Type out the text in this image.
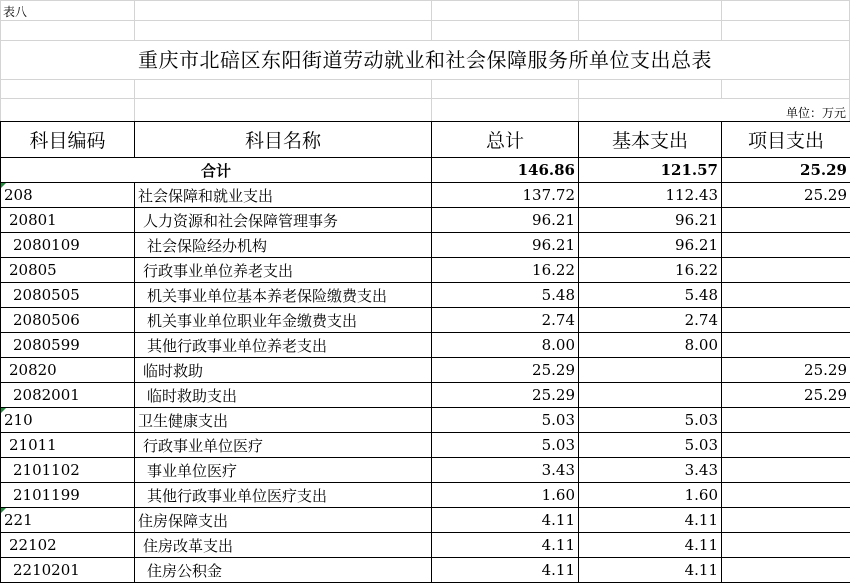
表八
重庆市北碚区东阳街道劳动就业和社会保障服务所单位支出总表
单位：万元
科目编码	科目名称	总计	基本支出	项目支出
合计		146.86	121.57	25.29
208	社会保障和就业支出	137.72	112.43	25.29
20801	人力资源和社会保障管理事务	96.21	96.21	
2080109	社会保险经办机构	96.21	96.21	
20805	行政事业单位养老支出	16.22	16.22	
2080505	机关事业单位基本养老保险缴费支出	5.48	5.48	
2080506	机关事业单位职业年金缴费支出	2.74	2.74	
2080599	其他行政事业单位养老支出	8.00	8.00	
20820	临时救助	25.29		25.29
2082001	临时救助支出	25.29		25.29
210	卫生健康支出	5.03	5.03	
21011	行政事业单位医疗	5.03	5.03	
2101102	事业单位医疗	3.43	3.43	
2101199	其他行政事业单位医疗支出	1.60	1.60	
221	住房保障支出	4.11	4.11	
22102	住房改革支出	4.11	4.11	
2210201	住房公积金	4.11	4.11	
